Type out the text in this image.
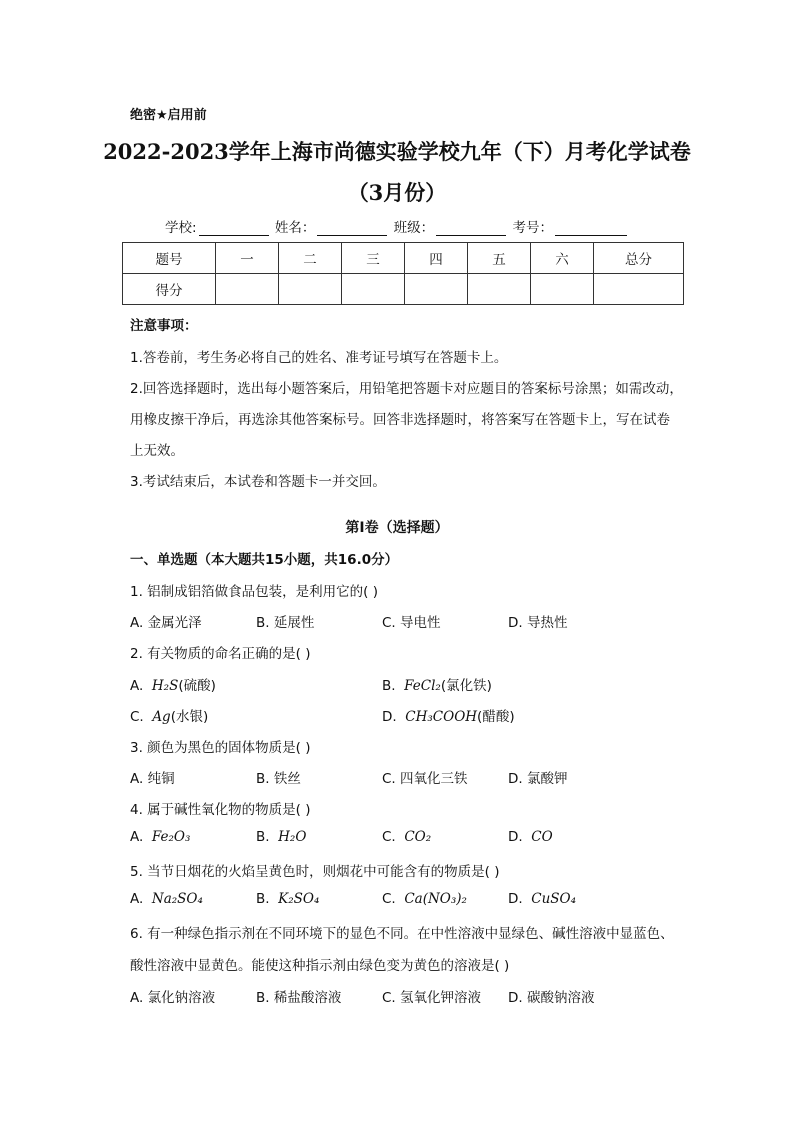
绝密★启用前
2022-2023学年上海市尚德实验学校九年（下）月考化学试卷
（3月份）
学校:	姓名：	班级：	考号：
题号	一	二	三	四	五	六	总分
得分							
注意事项：
1.答卷前，考生务必将自己的姓名、准考证号填写在答题卡上。
2.回答选择题时，选出每小题答案后，用铅笔把答题卡对应题目的答案标号涂黑；如需改动，
用橡皮擦干净后，再选涂其他答案标号。回答非选择题时，将答案写在答题卡上，写在试卷
上无效。
3.考试结束后，本试卷和答题卡一并交回。
第I卷（选择题）
一、单选题（本大题共15小题，共16.0分）
1. 铝制成铝箔做食品包装，是利用它的( )
A. 金属光泽	B. 延展性	C. 导电性	D. 导热性
2. 有关物质的命名正确的是( )
A. H₂S(硫酸)	B. FeCl₂(氯化铁)
C. Ag(水银)	D. CH₃COOH(醋酸)
3. 颜色为黑色的固体物质是( )
A. 纯铜	B. 铁丝	C. 四氧化三铁	D. 氯酸钾
4. 属于碱性氧化物的物质是( )
A. Fe₂O₃	B. H₂O	C. CO₂	D. CO
5. 当节日烟花的火焰呈黄色时，则烟花中可能含有的物质是( )
A. Na₂SO₄	B. K₂SO₄	C. Ca(NO₃)₂	D. CuSO₄
6. 有一种绿色指示剂在不同环境下的显色不同。在中性溶液中显绿色、碱性溶液中显蓝色、
酸性溶液中显黄色。能使这种指示剂由绿色变为黄色的溶液是( )
A. 氯化钠溶液	B. 稀盐酸溶液	C. 氢氧化钾溶液 D. 碳酸钠溶液
